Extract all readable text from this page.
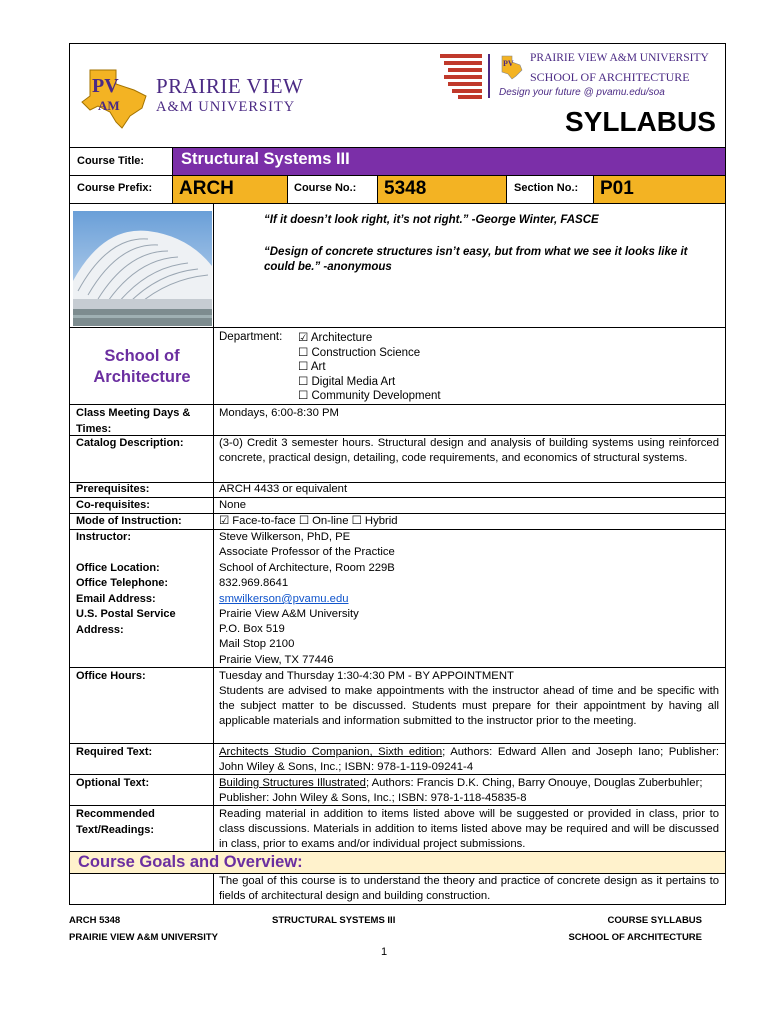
PV
AM
PRAIRIE VIEW
A&M UNIVERSITY
PV PRAIRIE VIEW A&M UNIVERSITY
SCHOOL OF ARCHITECTURE
Design your future @ pvamu.edu/soa
SYLLABUS
Course Title: Structural Systems III
Course Prefix:	ARCH	Course No.:	5348	Section No.:	P01
“If it doesn’t look right, it’s not right.” -George Winter, FASCE
“Design of concrete structures isn’t easy, but from what we see it looks like it could be.” -anonymous
School of
Architecture
Department: ☑ Architecture
☐ Construction Science
☐ Art
☐ Digital Media Art
☐ Community Development
Class Meeting Days & Times:
Mondays, 6:00-8:30 PM
Catalog Description:	(3-0) Credit 3 semester hours. Structural design and analysis of building systems using reinforced concrete, practical design, detailing, code requirements, and economics of structural systems.
Prerequisites:	ARCH 4433 or equivalent
Co-requisites:	None
Mode of Instruction:	☑ Face-to-face ☐ On-line ☐ Hybrid
Instructor:	Steve Wilkerson, PhD, PE
Associate Professor of the Practice
Office Location:	School of Architecture, Room 229B
Office Telephone:	832.969.8641
Email Address:	smwilkerson@pvamu.edu
U.S. Postal Service Address:
Prairie View A&M University
P.O. Box 519
Mail Stop 2100
Prairie View, TX 77446
Office Hours:	Tuesday and Thursday 1:30-4:30 PM - BY APPOINTMENT
Students are advised to make appointments with the instructor ahead of time and be specific with the subject matter to be discussed. Students must prepare for their appointment by having all applicable materials and information submitted to the instructor prior to the meeting.
Required Text:	Architects Studio Companion, Sixth edition; Authors: Edward Allen and Joseph Iano; Publisher: John Wiley & Sons, Inc.; ISBN: 978-1-119-09241-4
Optional Text:	Building Structures Illustrated; Authors: Francis D.K. Ching, Barry Onouye, Douglas Zuberbuhler; Publisher: John Wiley & Sons, Inc.; ISBN: 978-1-118-45835-8
Recommended Text/Readings:
Reading material in addition to items listed above will be suggested or provided in class, prior to class discussions. Materials in addition to items listed above may be required and will be discussed in class, prior to exams and/or individual project submissions.
Course Goals and Overview:
The goal of this course is to understand the theory and practice of concrete design as it pertains to fields of architectural design and building construction.
ARCH 5348
PRAIRIE VIEW A&M UNIVERSITY
STRUCTURAL SYSTEMS III	COURSE SYLLABUS
SCHOOL OF ARCHITECTURE
1
